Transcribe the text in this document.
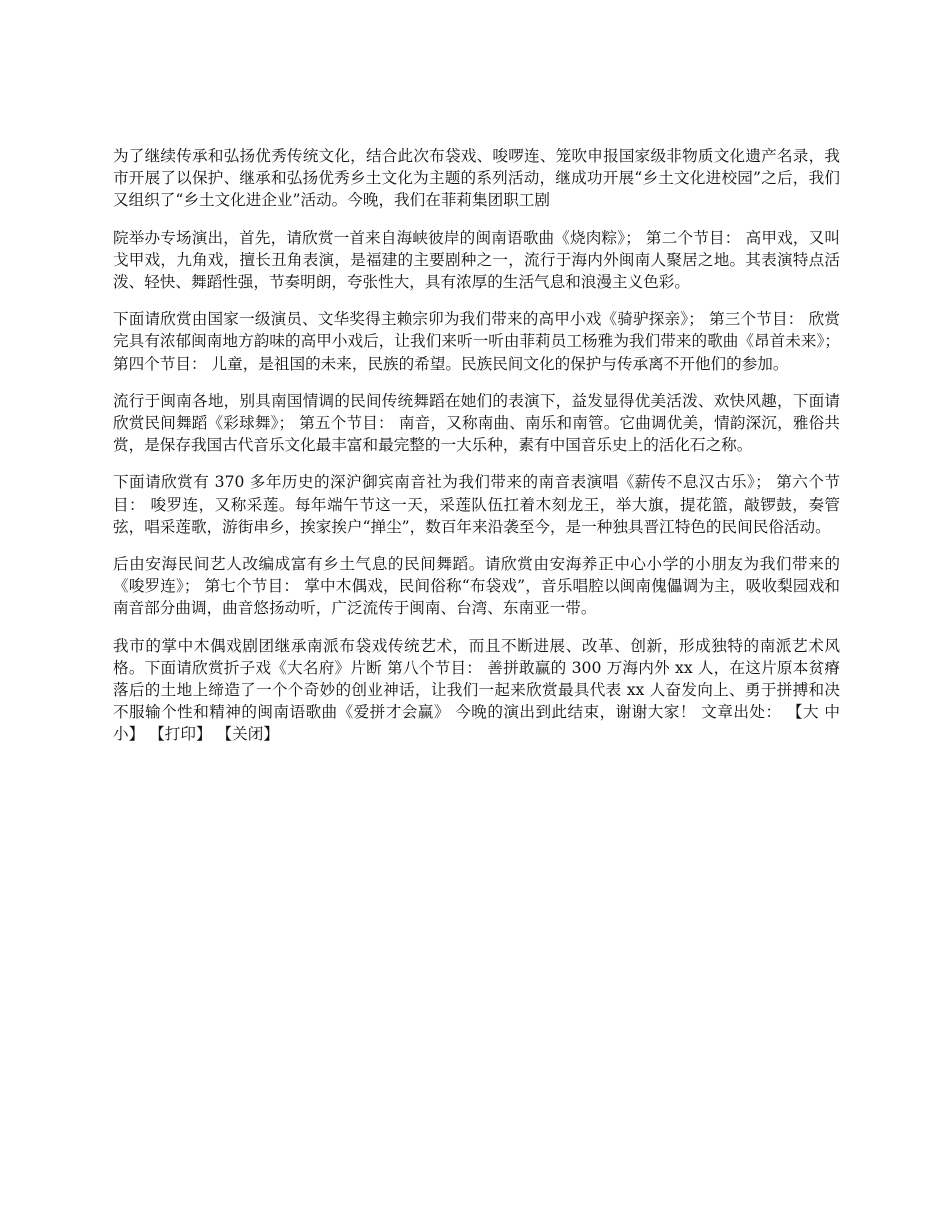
为了继续传承和弘扬优秀传统文化，结合此次布袋戏、唆啰连、笼吹申报国家级非物质文化遗产名录，我市开展了以保护、继承和弘扬优秀乡土文化为主题的系列活动，继成功开展“乡土文化进校园”之后，我们又组织了“乡土文化进企业”活动。今晚，我们在菲莉集团职工剧

院举办专场演出，首先，请欣赏一首来自海峡彼岸的闽南语歌曲《烧肉粽》； 第二个节目： 高甲戏，又叫戈甲戏，九角戏，擅长丑角表演，是福建的主要剧种之一，流行于海内外闽南人聚居之地。其表演特点活泼、轻快、舞蹈性强，节奏明朗，夸张性大，具有浓厚的生活气息和浪漫主义色彩。

下面请欣赏由国家一级演员、文华奖得主赖宗卯为我们带来的高甲小戏《骑驴探亲》； 第三个节目： 欣赏完具有浓郁闽南地方韵味的高甲小戏后，让我们来听一听由菲莉员工杨雅为我们带来的歌曲《昂首未来》； 第四个节目： 儿童，是祖国的未来，民族的希望。民族民间文化的保护与传承离不开他们的参加。

流行于闽南各地，别具南国情调的民间传统舞蹈在她们的表演下，益发显得优美活泼、欢快风趣，下面请欣赏民间舞蹈《彩球舞》； 第五个节目： 南音，又称南曲、南乐和南管。它曲调优美，情韵深沉，雅俗共赏，是保存我国古代音乐文化最丰富和最完整的一大乐种，素有中国音乐史上的活化石之称。

下面请欣赏有 370 多年历史的深沪御宾南音社为我们带来的南音表演唱《薪传不息汉古乐》； 第六个节目： 唆罗连，又称采莲。每年端午节这一天，采莲队伍扛着木刻龙王，举大旗，提花篮，敲锣鼓，奏管弦，唱采莲歌，游街串乡，挨家挨户“掸尘”，数百年来沿袭至今，是一种独具晋江特色的民间民俗活动。

后由安海民间艺人改编成富有乡土气息的民间舞蹈。请欣赏由安海养正中心小学的小朋友为我们带来的《唆罗连》； 第七个节目： 掌中木偶戏，民间俗称“布袋戏”，音乐唱腔以闽南傀儡调为主，吸收梨园戏和南音部分曲调，曲音悠扬动听，广泛流传于闽南、台湾、东南亚一带。

我市的掌中木偶戏剧团继承南派布袋戏传统艺术，而且不断进展、改革、创新，形成独特的南派艺术风格。下面请欣赏折子戏《大名府》片断 第八个节目： 善拼敢赢的 300 万海内外 xx 人，在这片原本贫瘠落后的土地上缔造了一个个奇妙的创业神话，让我们一起来欣赏最具代表 xx 人奋发向上、勇于拼搏和决不服输个性和精神的闽南语歌曲《爱拼才会赢》 今晚的演出到此结束，谢谢大家！ 文章出处： 【大 中 小】 【打印】 【关闭】
